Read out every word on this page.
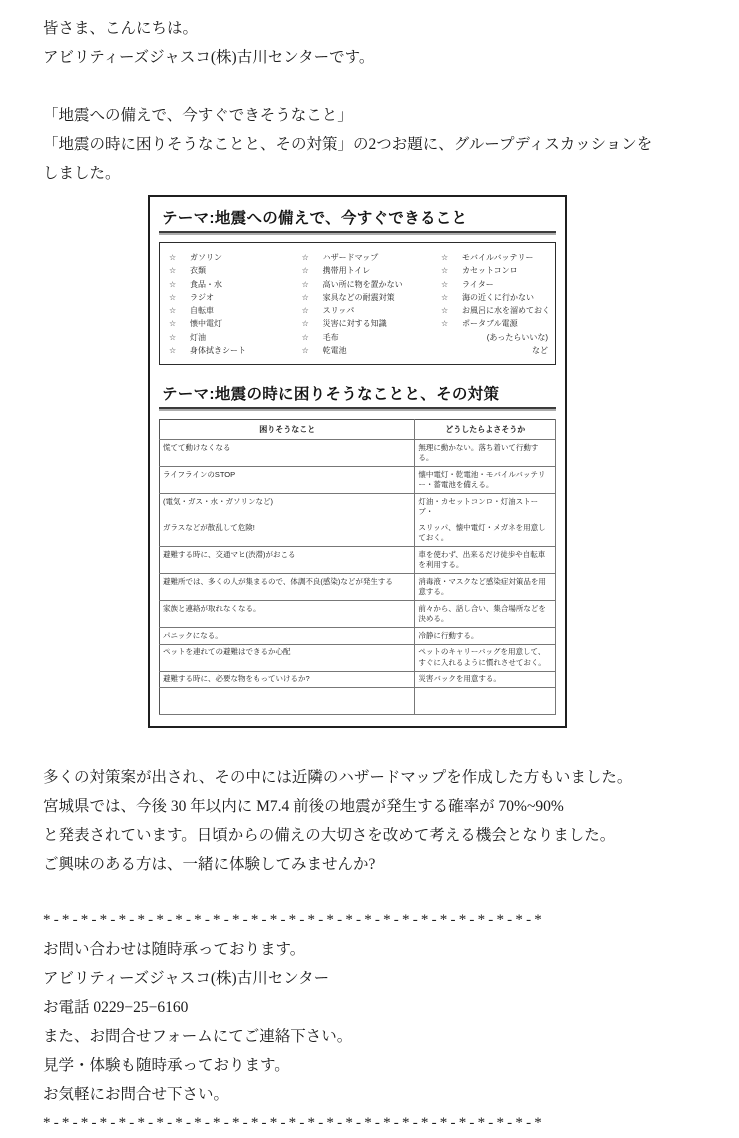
皆さま、こんにちは。
アビリティーズジャスコ(株)古川センターです。
「地震への備えで、今すぐできそうなこと」
「地震の時に困りそうなことと、その対策」の2つお題に、グループディスカッションを
しました。
テーマ:地震への備えで、今すぐできること
☆	ガソリン
☆	衣類
☆	食品・水
☆	ラジオ
☆	自転車
☆	懐中電灯
☆	灯油
☆	身体拭きシート
☆	ハザードマップ
☆	携帯用トイレ
☆	高い所に物を置かない
☆	家具などの耐震対策
☆	スリッパ
☆	災害に対する知識
☆	毛布
☆	乾電池
☆	モバイルバッテリー
☆	カセットコンロ
☆	ライター
☆	海の近くに行かない
☆	お風呂に水を溜めておく
☆	ポータブル電源
(あったらいいな)
など
テーマ:地震の時に困りそうなことと、その対策
困りそうなこと	どうしたらよさそうか
慌てて動けなくなる	無理に動かない。落ち着いて行動する。
ライフラインのSTOP	懐中電灯・乾電池・モバイルバッテリー・蓄電池を備える。
(電気・ガス・水・ガソリンなど)	灯油・カセットコンロ・灯油ストーブ・
ガラスなどが散乱して危険!	スリッパ、懐中電灯・メガネを用意しておく。
避難する時に、交通マヒ(渋滞)がおこる	車を使わず、出来るだけ徒歩や自転車を利用する。
避難所では、多くの人が集まるので、体調不良(感染)などが発生する	消毒液・マスクなど感染症対策品を用意する。
家族と連絡が取れなくなる。	前々から、話し合い、集合場所などを決める。
パニックになる。	冷静に行動する。
ペットを連れての避難はできるか心配	ペットのキャリーバッグを用意して、すぐに入れるように慣れさせておく。
避難する時に、必要な物をもっていけるか?	災害バックを用意する。

多くの対策案が出され、その中には近隣のハザードマップを作成した方もいました。
宮城県では、今後 30 年以内に M7.4 前後の地震が発生する確率が 70%~90%
と発表されています。日頃からの備えの大切さを改めて考える機会となりました。
ご興味のある方は、一緒に体験してみませんか?
*-*-*-*-*-*-*-*-*-*-*-*-*-*-*-*-*-*-*-*-*-*-*-*-*-*-*
お問い合わせは随時承っております。
アビリティーズジャスコ(株)古川センター
お電話 0229−25−6160
また、お問合せフォームにてご連絡下さい。
見学・体験も随時承っております。
お気軽にお問合せ下さい。
*-*-*-*-*-*-*-*-*-*-*-*-*-*-*-*-*-*-*-*-*-*-*-*-*-*-*
